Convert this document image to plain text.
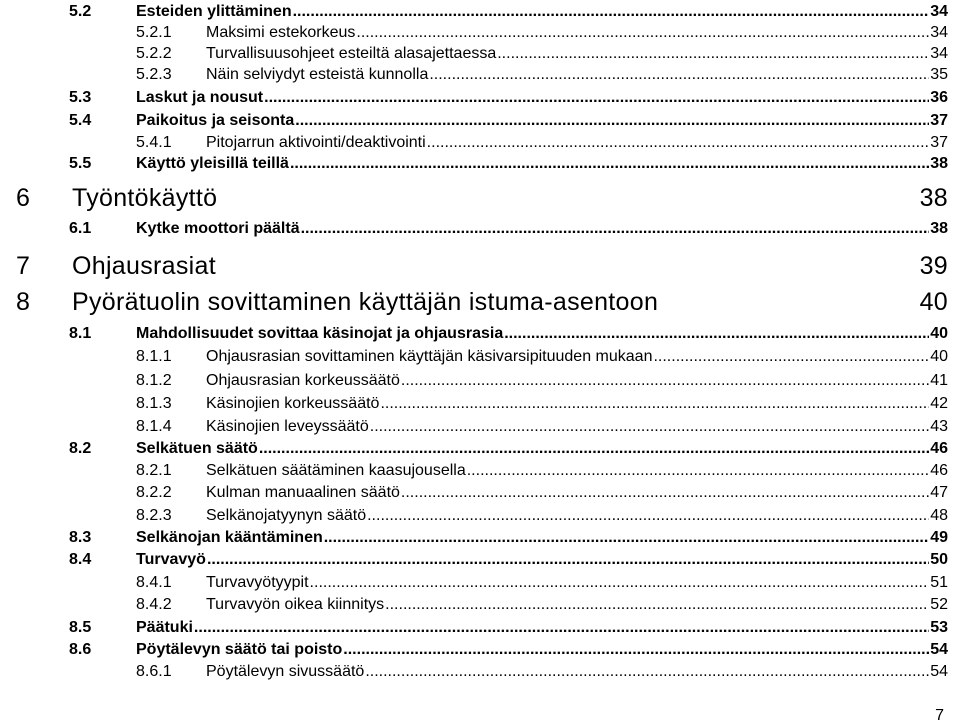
5.2	Esteiden ylittäminen .....	34
5.2.1	Maksimi estekorkeus .....	34
5.2.2	Turvallisuusohjeet esteiltä alasajettaessa .....	34
5.2.3	Näin selviydyt esteistä kunnolla .....	35
5.3	Laskut ja nousut .....	36
5.4	Paikoitus ja seisonta .....	37
5.4.1	Pitojarrun aktivointi/deaktivointi .....	37
5.5	Käyttö yleisillä teillä .....	38
6	Työntökäyttö	38
6.1	Kytke moottori päältä .....	38
7	Ohjausrasiat	39
8	Pyörätuolin sovittaminen käyttäjän istuma-asentoon	40
8.1	Mahdollisuudet sovittaa käsinojat ja ohjausrasia .....	40
8.1.1	Ohjausrasian sovittaminen käyttäjän käsivarsipituuden mukaan .....	40
8.1.2	Ohjausrasian korkeussäätö .....	41
8.1.3	Käsinojien korkeussäätö .....	42
8.1.4	Käsinojien leveyssäätö .....	43
8.2	Selkätuen säätö .....	46
8.2.1	Selkätuen säätäminen kaasujousella .....	46
8.2.2	Kulman manuaalinen säätö .....	47
8.2.3	Selkänojatyynyn säätö .....	48
8.3	Selkänojan kääntäminen .....	49
8.4	Turvavyö .....	50
8.4.1	Turvavyötyypit .....	51
8.4.2	Turvavyön oikea kiinnitys .....	52
8.5	Päätuki .....	53
8.6	Pöytälevyn säätö tai poisto .....	54
8.6.1	Pöytälevyn sivussäätö .....	54
7
